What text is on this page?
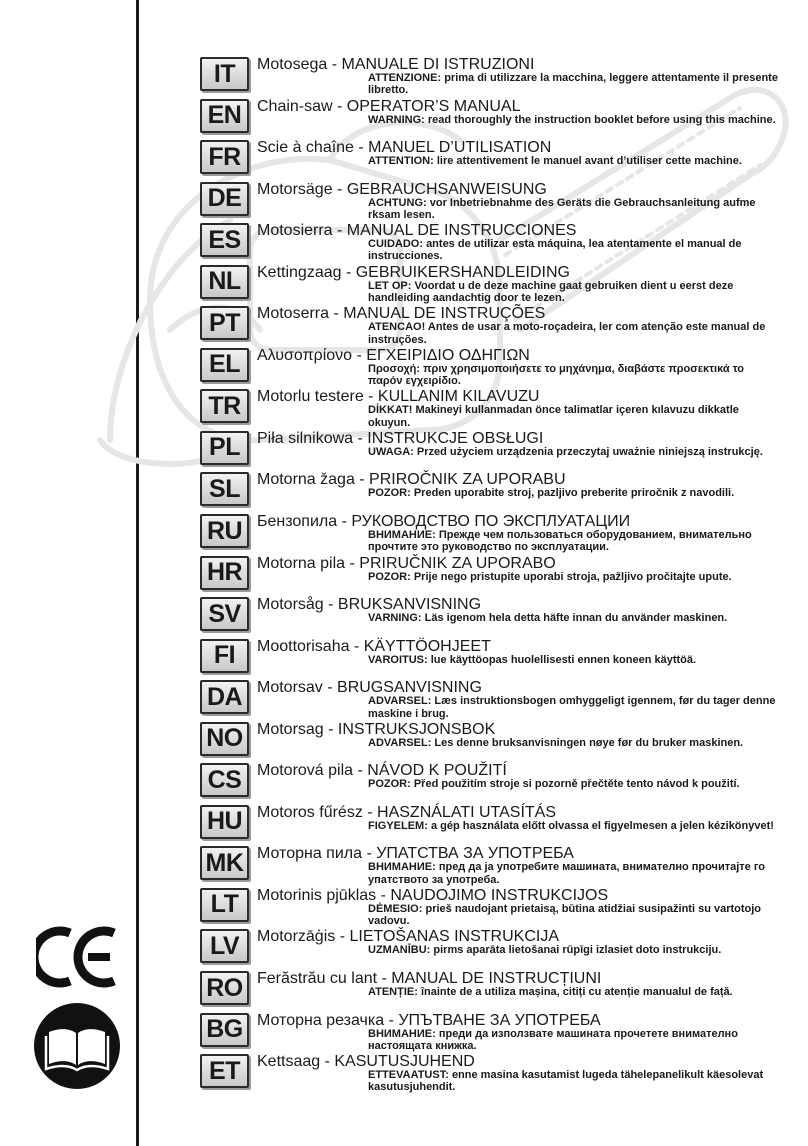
IT	Motosega - MANUALE DI ISTRUZIONI
ATTENZIONE: prima di utilizzare la macchina, leggere attentamente il presente libretto.
EN Chain-saw - OPERATOR’S MANUAL
WARNING: read thoroughly the instruction booklet before using this machine.
FR	Scie à chaîne - MANUEL D’UTILISATION
ATTENTION: lire attentivement le manuel avant d’utiliser cette machine.
DE Motorsäge - GEBRAUCHSANWEISUNG
ACHTUNG: vor Inbetriebnahme des Geräts die Gebrauchsanleitung aufme rksam lesen.
ES	Motosierra - MANUAL DE INSTRUCCIONES
CUIDADO: antes de utilizar esta máquina, lea atentamente el manual de instrucciones.
NL	Kettingzaag - GEBRUIKERSHANDLEIDING
LET OP: Voordat u de deze machine gaat gebruiken dient u eerst deze handleiding aandachtig door te lezen.
PT	Motoserra - MANUAL DE INSTRUÇÕES
ATENCAO! Antes de usar a moto-roçadeira, ler com atenção este manual de instruções.
EL	Αλυσοπρίονο - ΕΓΧΕΙΡΙΔΙΟ ΟΔΗΓΙΩΝ
Προσοχή: πριν χρησιμοποιήσετε το μηχάνημα, διαβάστε προσεκτικά το παρόν εγχειρίδιο.
TR	Motorlu testere - KULLANIM KILAVUZU
DİKKAT! Makineyi kullanmadan önce talimatlar içeren kılavuzu dikkatle okuyun.
PL	Piła silnikowa - INSTRUKCJE OBSŁUGI
UWAGA: Przed użyciem urządzenia przeczytaj uważnie niniejszą instrukcję.
SL	Motorna žaga - PRIROČNIK ZA UPORABU
POZOR: Preden uporabite stroj, pazljivo preberite priročnik z navodili.
RU Бензопила - РУКОВОДСТВО ПО ЭКСПЛУАТАЦИИ
ВНИМАНИЕ: Прежде чем пользоваться оборудованием, внимательно прочтите это руководство по эксплуатации.
HR Motorna pila - PRIRUČNIK ZA UPORABO
POZOR: Prije nego pristupite uporabi stroja, pažljivo pročitajte upute.
SV	Motorsåg - BRUKSANVISNING
VARNING: Läs igenom hela detta häfte innan du använder maskinen.
FI	Moottorisaha - KÄYTTÖOHJEET
VAROITUS: lue käyttöopas huolellisesti ennen koneen käyttöä.
DA Motorsav - BRUGSANVISNING
ADVARSEL: Læs instruktionsbogen omhyggeligt igennem, før du tager denne maskine i brug.
NO Motorsag - INSTRUKSJONSBOK
ADVARSEL: Les denne bruksanvisningen nøye før du bruker maskinen.
CS Motorová pila - NÁVOD K POUŽITÍ
POZOR: Před použitím stroje si pozorně přečtěte tento návod k použití.
HU Motoros fűrész - HASZNÁLATI UTASÍTÁS
FIGYELEM: a gép használata előtt olvassa el figyelmesen a jelen kézikönyvet!
MK Моторна пила - УПАТСТВА ЗА УПОТРЕБА
ВНИМАНИЕ: пред да ја употребите машината, внимателно прочитајте го упатството за употреба.
LT	Motorinis pjūklas - NAUDOJIMO INSTRUKCIJOS
DĖMESIO: prieš naudojant prietaisą, būtina atidžiai susipažinti su vartotojo vadovu.
LV	Motorzāģis - LIETOŠANAS INSTRUKCIJA
UZMANĪBU: pirms aparāta lietošanai rūpīgi izlasiet doto instrukciju.
RO Ferăstrău cu lant - MANUAL DE INSTRUCȚIUNI
ATENȚIE: înainte de a utiliza mașina, citiți cu atenție manualul de față.
BG Моторна резачка - УПЪТВАНЕ ЗА УПОТРЕБА
ВНИМАНИЕ: преди да използвате машината прочетете внимателно настоящата книжка.
ET	Kettsaag - KASUTUSJUHEND
ETTEVAATUST: enne masina kasutamist lugeda tähelepanelikult käesolevat kasutusjuhendit.
